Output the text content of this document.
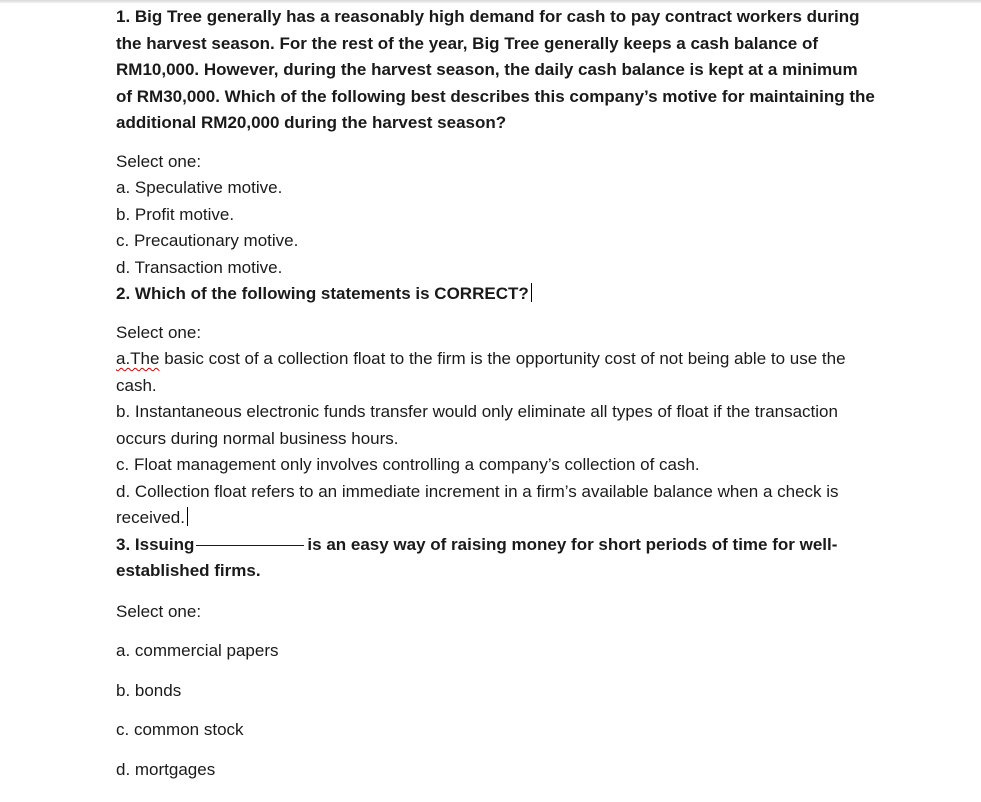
1. Big Tree generally has a reasonably high demand for cash to pay contract workers during the harvest season. For the rest of the year, Big Tree generally keeps a cash balance of RM10,000. However, during the harvest season, the daily cash balance is kept at a minimum of RM30,000. Which of the following best describes this company’s motive for maintaining the additional RM20,000 during the harvest season?

Select one:

a. Speculative motive.

b. Profit motive.

c. Precautionary motive.

d. Transaction motive.

2. Which of the following statements is CORRECT?

Select one:

a.The basic cost of a collection float to the firm is the opportunity cost of not being able to use the cash.

b. Instantaneous electronic funds transfer would only eliminate all types of float if the transaction occurs during normal business hours.

c. Float management only involves controlling a company’s collection of cash.

d. Collection float refers to an immediate increment in a firm’s available balance when a check is received.

3. Issuing	is an easy way of raising money for short periods of time for well-established firms.

Select one:

a. commercial papers

b. bonds

c. common stock

d. mortgages
